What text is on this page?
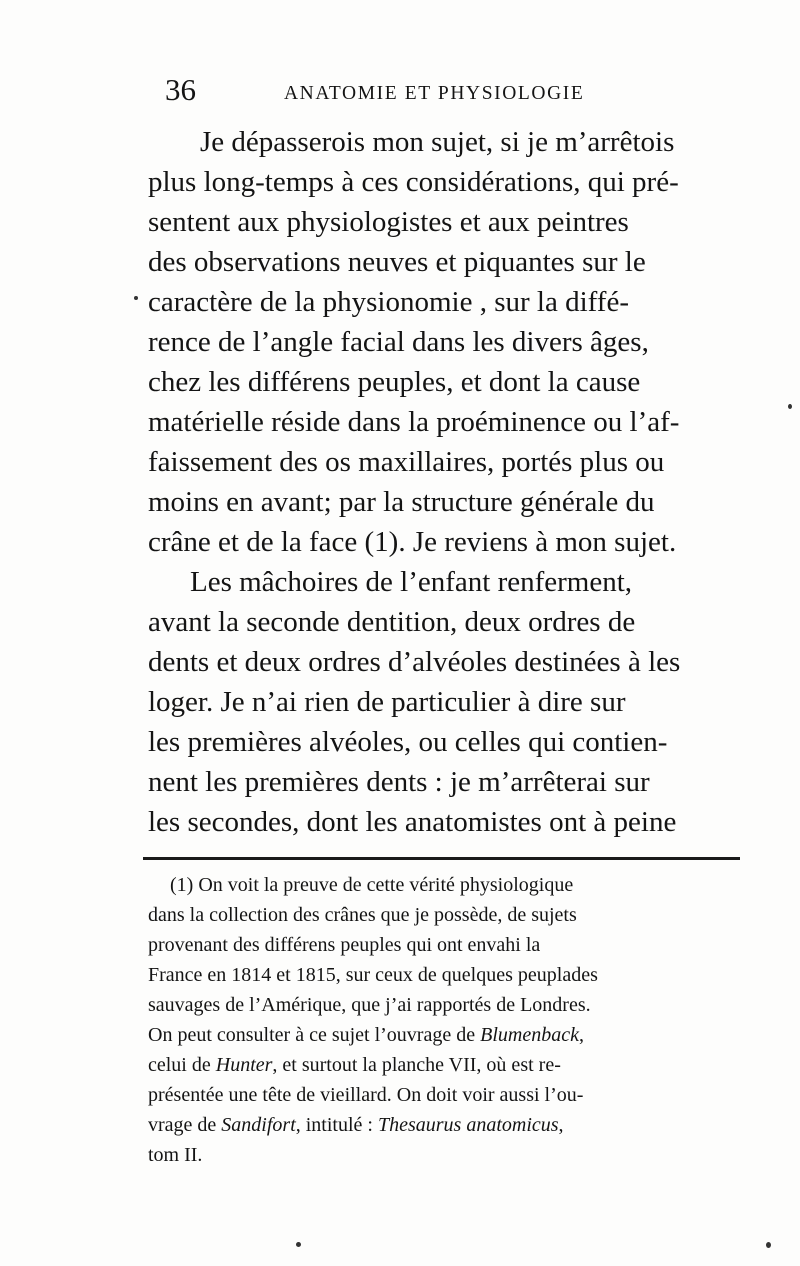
36	ANATOMIE ET PHYSIOLOGIE
Je dépasserois mon sujet, si je m’arrêtois
plus long-temps à ces considérations, qui pré-
sentent aux physiologistes et aux peintres
des observations neuves et piquantes sur le
caractère de la physionomie , sur la diffé-
rence de l’angle facial dans les divers âges,
chez les différens peuples, et dont la cause
matérielle réside dans la proéminence ou l’af-
faissement des os maxillaires, portés plus ou
moins en avant; par la structure générale du
crâne et de la face (1). Je reviens à mon sujet.
Les mâchoires de l’enfant renferment,
avant la seconde dentition, deux ordres de
dents et deux ordres d’alvéoles destinées à les
loger. Je n’ai rien de particulier à dire sur
les premières alvéoles, ou celles qui contien-
nent les premières dents : je m’arrêterai sur
les secondes, dont les anatomistes ont à peine
(1) On voit la preuve de cette vérité physiologique
dans la collection des crânes que je possède, de sujets
provenant des différens peuples qui ont envahi la
France en 1814 et 1815, sur ceux de quelques peuplades
sauvages de l’Amérique, que j’ai rapportés de Londres.
On peut consulter à ce sujet l’ouvrage de Blumenback,
celui de Hunter, et surtout la planche VII, où est re-
présentée une tête de vieillard. On doit voir aussi l’ou-
vrage de Sandifort, intitulé : Thesaurus anatomicus,
tom II.
